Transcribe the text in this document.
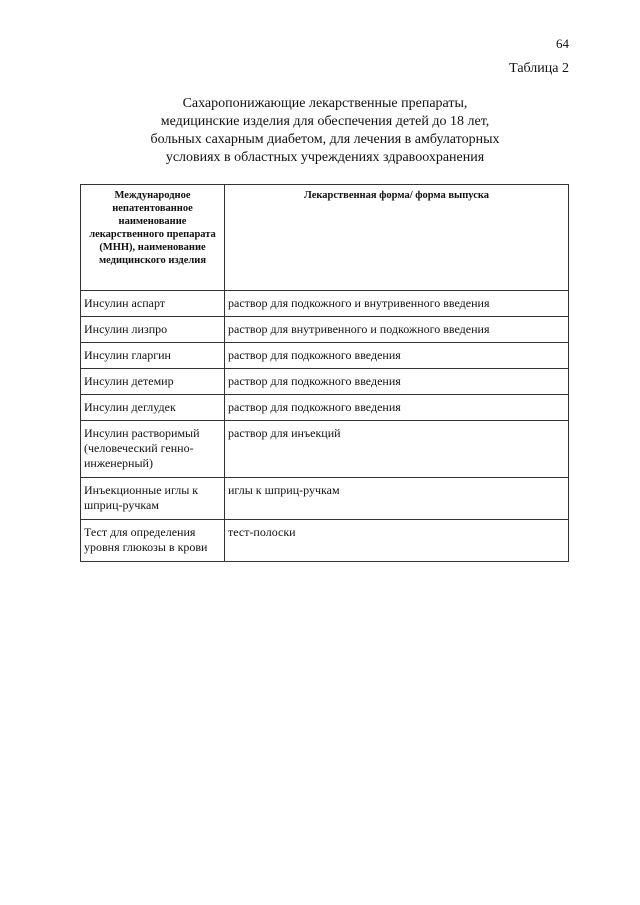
64
Таблица 2
Сахаропонижающие лекарственные препараты,
медицинские изделия для обеспечения детей до 18 лет,
больных сахарным диабетом, для лечения в амбулаторных
условиях в областных учреждениях здравоохранения
Международное непатентованное наименование лекарственного препарата (МНН), наименование медицинского изделия	Лекарственная форма/ форма выпуска
Инсулин аспарт	раствор для подкожного и внутривенного введения
Инсулин лизпро	раствор для внутривенного и подкожного введения
Инсулин гларгин	раствор для подкожного введения
Инсулин детемир	раствор для подкожного введения
Инсулин деглудек	раствор для подкожного введения
Инсулин растворимый (человеческий генно-инженерный)	раствор для инъекций
Инъекционные иглы к шприц-ручкам	иглы к шприц-ручкам
Тест для определения уровня глюкозы в крови	тест-полоски
